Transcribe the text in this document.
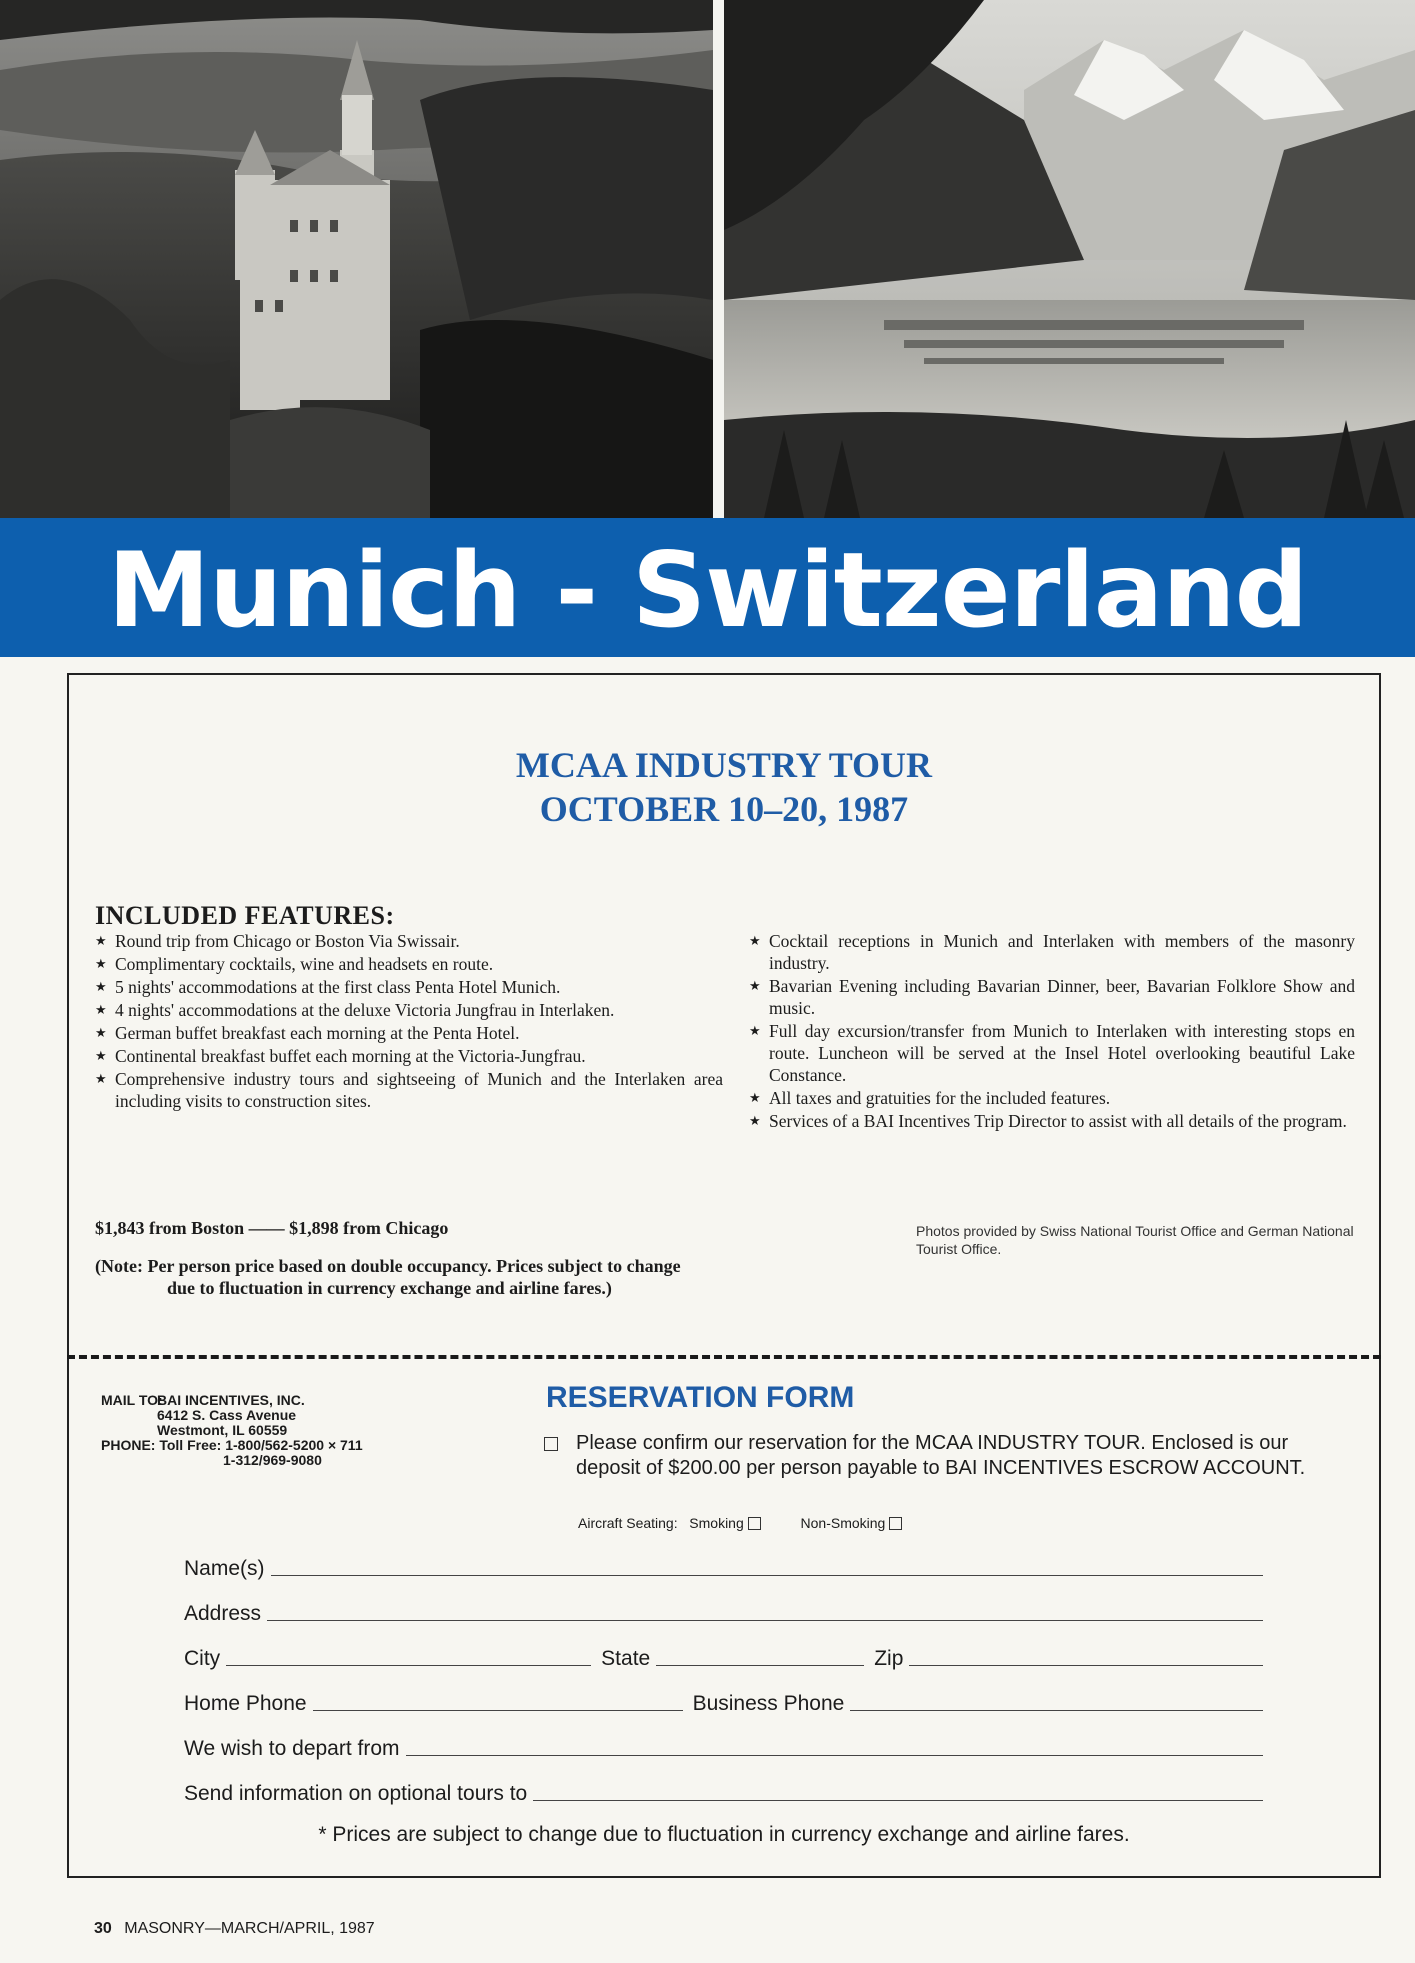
Munich - Switzerland
MCAA INDUSTRY TOUR
OCTOBER 10–20, 1987
INCLUDED FEATURES:
★ Round trip from Chicago or Boston Via Swissair.
★ Complimentary cocktails, wine and headsets en route.
★ 5 nights' accommodations at the first class Penta Hotel Munich.
★ 4 nights' accommodations at the deluxe Victoria Jungfrau in Interlaken.
★ German buffet breakfast each morning at the Penta Hotel.
★ Continental breakfast buffet each morning at the Victoria-Jungfrau.
★ Comprehensive industry tours and sightseeing of Munich and the Interlaken area including visits to construction sites.
★ Cocktail receptions in Munich and Interlaken with members of the masonry industry.
★ Bavarian Evening including Bavarian Dinner, beer, Bavarian Folklore Show and music.
★ Full day excursion/transfer from Munich to Interlaken with interesting stops en route. Luncheon will be served at the Insel Hotel overlooking beautiful Lake Constance.
★ All taxes and gratuities for the included features.
★ Services of a BAI Incentives Trip Director to assist with all details of the program.
$1,843 from Boston —— $1,898 from Chicago
(Note: Per person price based on double occupancy. Prices subject to change
due to fluctuation in currency exchange and airline fares.)
Photos provided by Swiss National Tourist Office and German National Tourist Office.
MAIL TO:BAI INCENTIVES, INC.
6412 S. Cass Avenue
Westmont, IL 60559
PHONE: Toll Free: 1-800/562-5200 × 711
1-312/969-9080
RESERVATION FORM

Please confirm our reservation for the MCAA INDUSTRY TOUR. Enclosed is our deposit of $200.00 per person payable to BAI INCENTIVES ESCROW ACCOUNT.

Aircraft Seating: Smoking	Non-Smoking
Name(s)
Address
City	State	Zip
Home Phone	Business Phone
We wish to depart from
Send information on optional tours to
* Prices are subject to change due to fluctuation in currency exchange and airline fares.
30 MASONRY—MARCH/APRIL, 1987
